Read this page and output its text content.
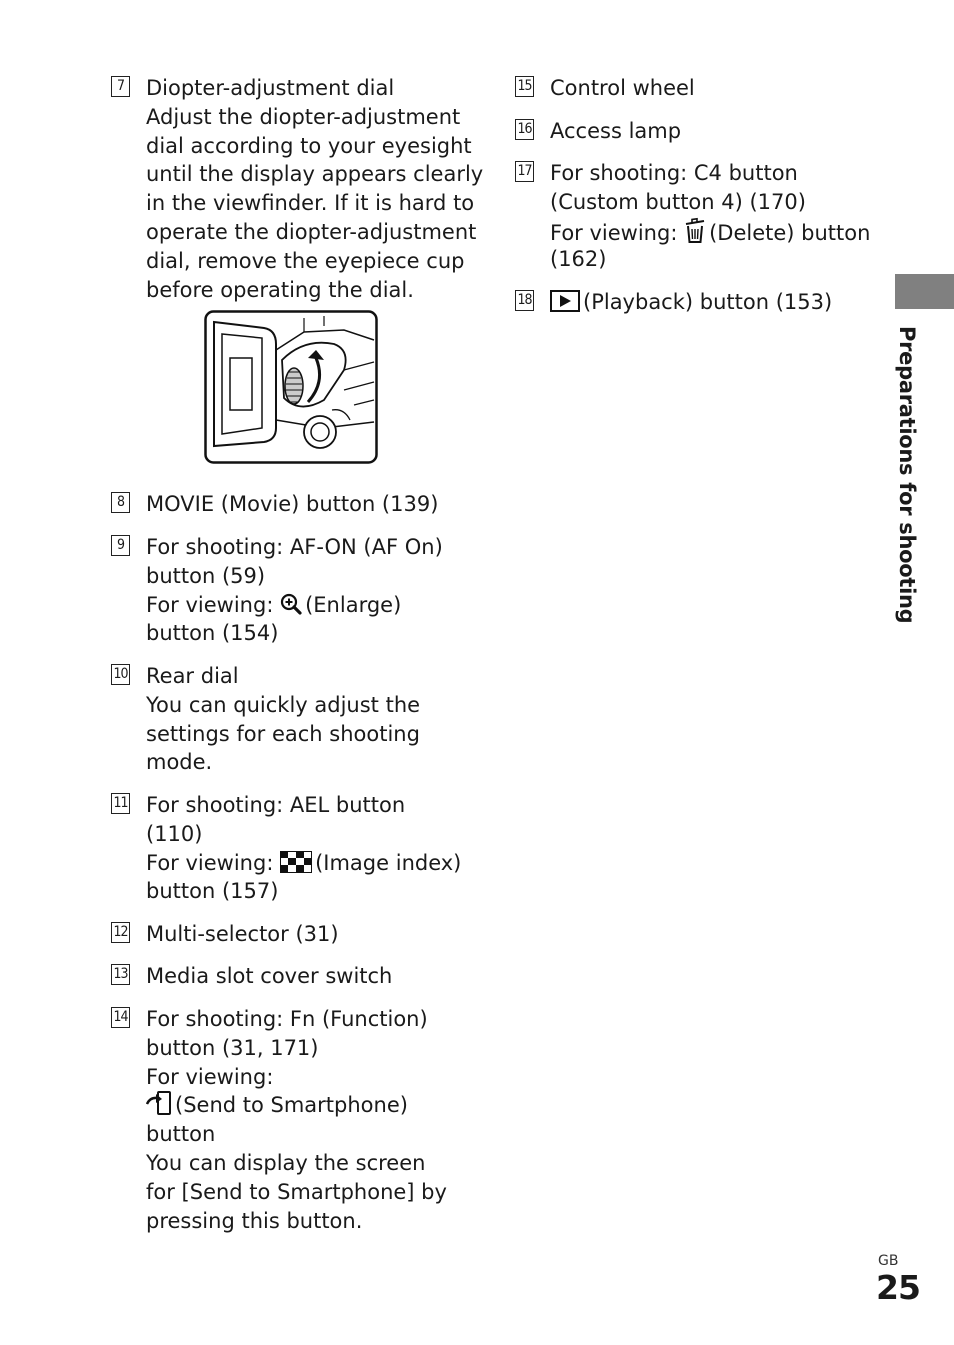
7 Diopter-adjustment dial
Adjust the diopter-adjustment
dial according to your eyesight
until the display appears clearly
in the viewfinder. If it is hard to
operate the diopter-adjustment
dial, remove the eyepiece cup
before operating the dial.
8 MOVIE (Movie) button (139)
9 For shooting: AF-ON (AF On)
button (59)
For viewing: (Enlarge)
button (154)
10 Rear dial
You can quickly adjust the
settings for each shooting
mode.
11 For shooting: AEL button
(110)
For viewing: (Image index)
button (157)
12 Multi-selector (31)
13 Media slot cover switch
14 For shooting: Fn (Function)
button (31, 171)
For viewing:
(Send to Smartphone)
button
You can display the screen
for [Send to Smartphone] by
pressing this button.
15 Control wheel
16 Access lamp
17 For shooting: C4 button
(Custom button 4) (170)
For viewing: (Delete) button
(162)
18	(Playback) button (153)
Preparations for shooting
GB
25
